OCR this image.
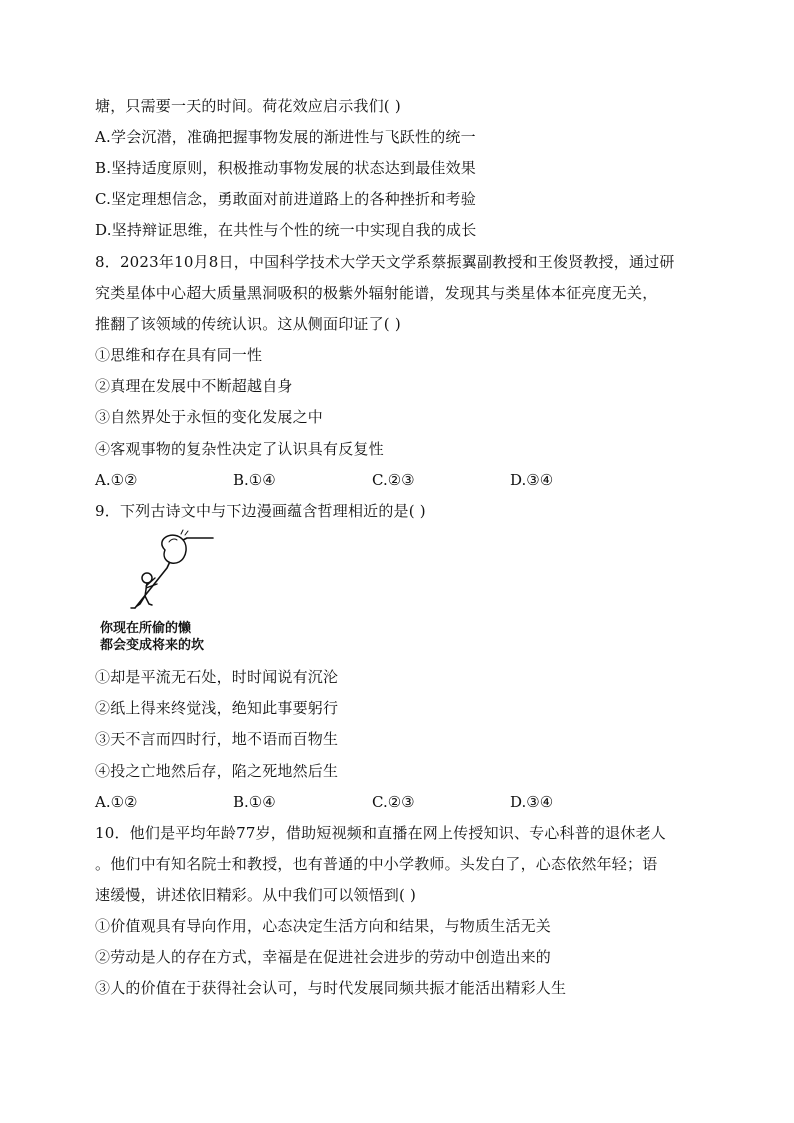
塘，只需要一天的时间。荷花效应启示我们( )
A.学会沉潜，准确把握事物发展的渐进性与飞跃性的统一
B.坚持适度原则，积极推动事物发展的状态达到最佳效果
C.坚定理想信念，勇敢面对前进道路上的各种挫折和考验
D.坚持辩证思维，在共性与个性的统一中实现自我的成长
8．2023年10月8日，中国科学技术大学天文学系蔡振翼副教授和王俊贤教授，通过研
究类星体中心超大质量黑洞吸积的极紫外辐射能谱，发现其与类星体本征亮度无关，
推翻了该领域的传统认识。这从侧面印证了( )
①思维和存在具有同一性
②真理在发展中不断超越自身
③自然界处于永恒的变化发展之中
④客观事物的复杂性决定了认识具有反复性
A.①②	B.①④	C.②③	D.③④
9．下列古诗文中与下边漫画蕴含哲理相近的是( )
你现在所偷的懒
都会变成将来的坎
①却是平流无石处，时时闻说有沉沦
②纸上得来终觉浅，绝知此事要躬行
③天不言而四时行，地不语而百物生
④投之亡地然后存，陷之死地然后生
A.①②	B.①④	C.②③	D.③④
10．他们是平均年龄77岁，借助短视频和直播在网上传授知识、专心科普的退休老人
。他们中有知名院士和教授，也有普通的中小学教师。头发白了，心态依然年轻；语
速缓慢，讲述依旧精彩。从中我们可以领悟到( )
①价值观具有导向作用，心态决定生活方向和结果，与物质生活无关
②劳动是人的存在方式，幸福是在促进社会进步的劳动中创造出来的
③人的价值在于获得社会认可，与时代发展同频共振才能活出精彩人生
